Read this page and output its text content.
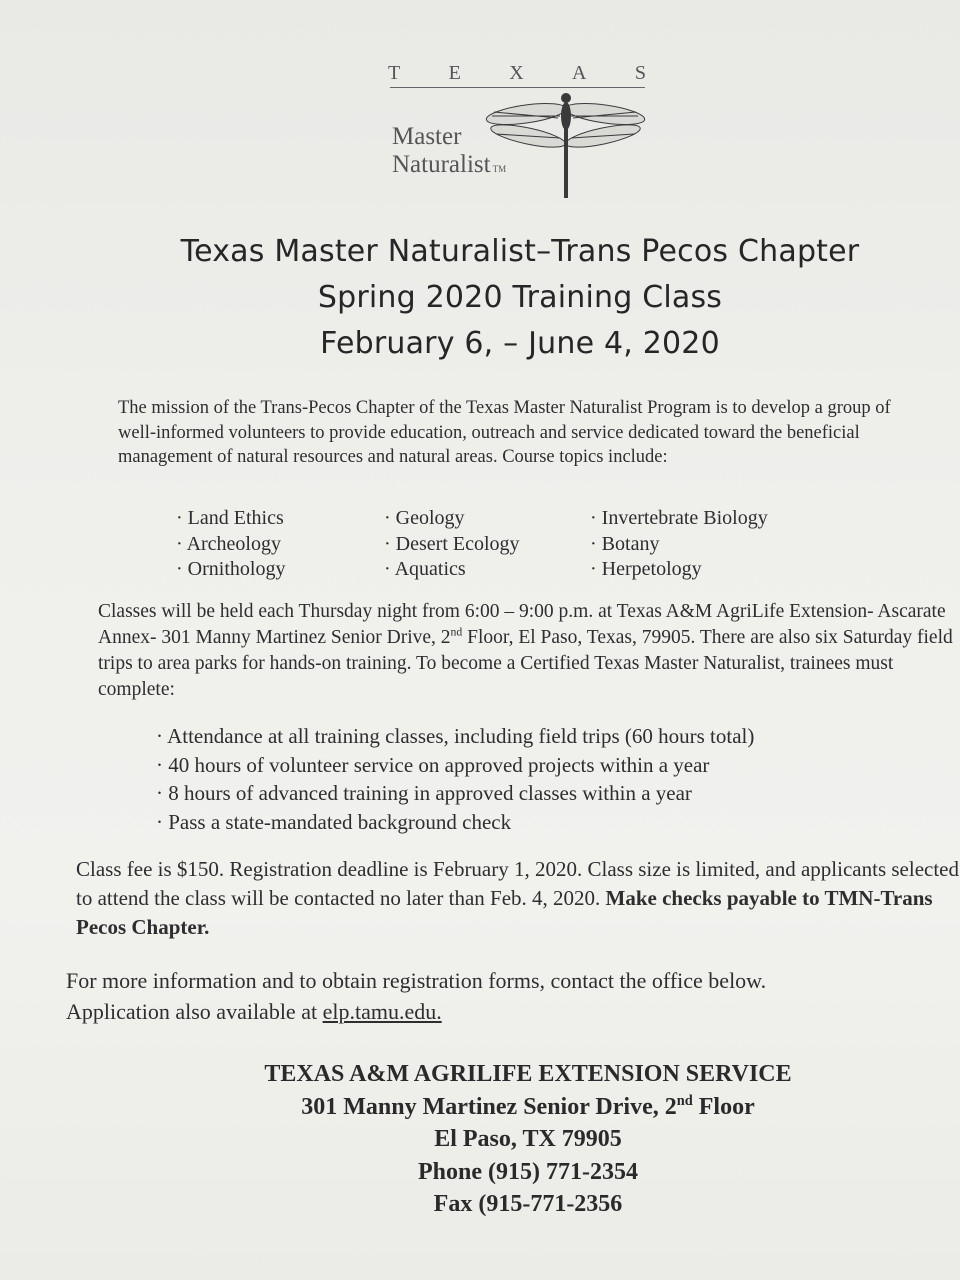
T E X A S
Master
Naturalist TM
Texas Master Naturalist–Trans Pecos Chapter
Spring 2020 Training Class
February 6, – June 4, 2020

The mission of the Trans-Pecos Chapter of the Texas Master Naturalist Program is to develop a group of well-informed volunteers to provide education, outreach and service dedicated toward the beneficial management of natural resources and natural areas. Course topics include:

· Land Ethics
· Archeology
· Ornithology
· Geology
· Desert Ecology
· Aquatics
· Invertebrate Biology
· Botany
· Herpetology

Classes will be held each Thursday night from 6:00 – 9:00 p.m. at Texas A&M AgriLife Extension- Ascarate Annex- 301 Manny Martinez Senior Drive, 2nd Floor, El Paso, Texas, 79905. There are also six Saturday field trips to area parks for hands-on training. To become a Certified Texas Master Naturalist, trainees must complete:

· Attendance at all training classes, including field trips (60 hours total)
· 40 hours of volunteer service on approved projects within a year
· 8 hours of advanced training in approved classes within a year
· Pass a state-mandated background check

Class fee is $150. Registration deadline is February 1, 2020. Class size is limited, and applicants selected to attend the class will be contacted no later than Feb. 4, 2020. Make checks payable to TMN-Trans Pecos Chapter.

For more information and to obtain registration forms, contact the office below.
Application also available at elp.tamu.edu.

TEXAS A&M AGRILIFE EXTENSION SERVICE
301 Manny Martinez Senior Drive, 2nd Floor
El Paso, TX 79905
Phone (915) 771-2354
Fax (915-771-2356
